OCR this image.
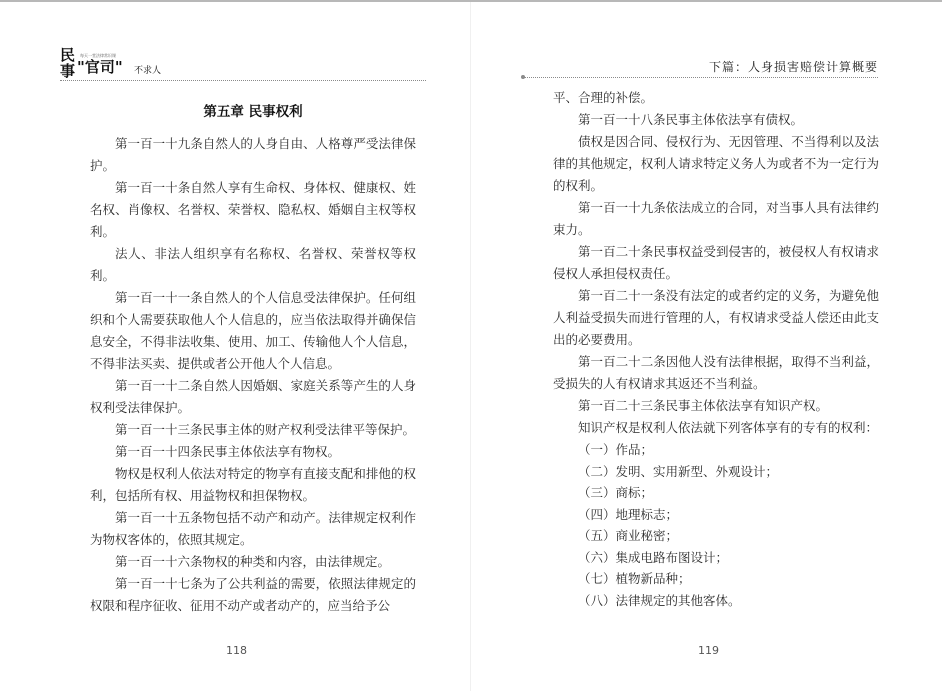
民
事
每天一堂法律常识课
"官司" 不求人	下篇：人身损害赔偿计算概要
第五章 民事权利

第一百一十九条自然人的人身自由、人格尊严受法律保护。

第一百一十条自然人享有生命权、身体权、健康权、姓名权、肖像权、名誉权、荣誉权、隐私权、婚姻自主权等权利。

法人、非法人组织享有名称权、名誉权、荣誉权等权利。

第一百一十一条自然人的个人信息受法律保护。任何组织和个人需要获取他人个人信息的，应当依法取得并确保信息安全，不得非法收集、使用、加工、传输他人个人信息，不得非法买卖、提供或者公开他人个人信息。

第一百一十二条自然人因婚姻、家庭关系等产生的人身权利受法律保护。

第一百一十三条民事主体的财产权利受法律平等保护。

第一百一十四条民事主体依法享有物权。

物权是权利人依法对特定的物享有直接支配和排他的权利，包括所有权、用益物权和担保物权。

第一百一十五条物包括不动产和动产。法律规定权利作为物权客体的，依照其规定。

第一百一十六条物权的种类和内容，由法律规定。

第一百一十七条为了公共利益的需要，依照法律规定的权限和程序征收、征用不动产或者动产的，应当给予公

118

平、合理的补偿。

第一百一十八条民事主体依法享有债权。

债权是因合同、侵权行为、无因管理、不当得利以及法律的其他规定，权利人请求特定义务人为或者不为一定行为的权利。

第一百一十九条依法成立的合同，对当事人具有法律约束力。

第一百二十条民事权益受到侵害的，被侵权人有权请求侵权人承担侵权责任。

第一百二十一条没有法定的或者约定的义务，为避免他人利益受损失而进行管理的人，有权请求受益人偿还由此支出的必要费用。

第一百二十二条因他人没有法律根据，取得不当利益，受损失的人有权请求其返还不当利益。

第一百二十三条民事主体依法享有知识产权。

知识产权是权利人依法就下列客体享有的专有的权利：

（一）作品；

（二）发明、实用新型、外观设计；

（三）商标；

（四）地理标志；

（五）商业秘密；

（六）集成电路布图设计；

（七）植物新品种；

（八）法律规定的其他客体。

119
